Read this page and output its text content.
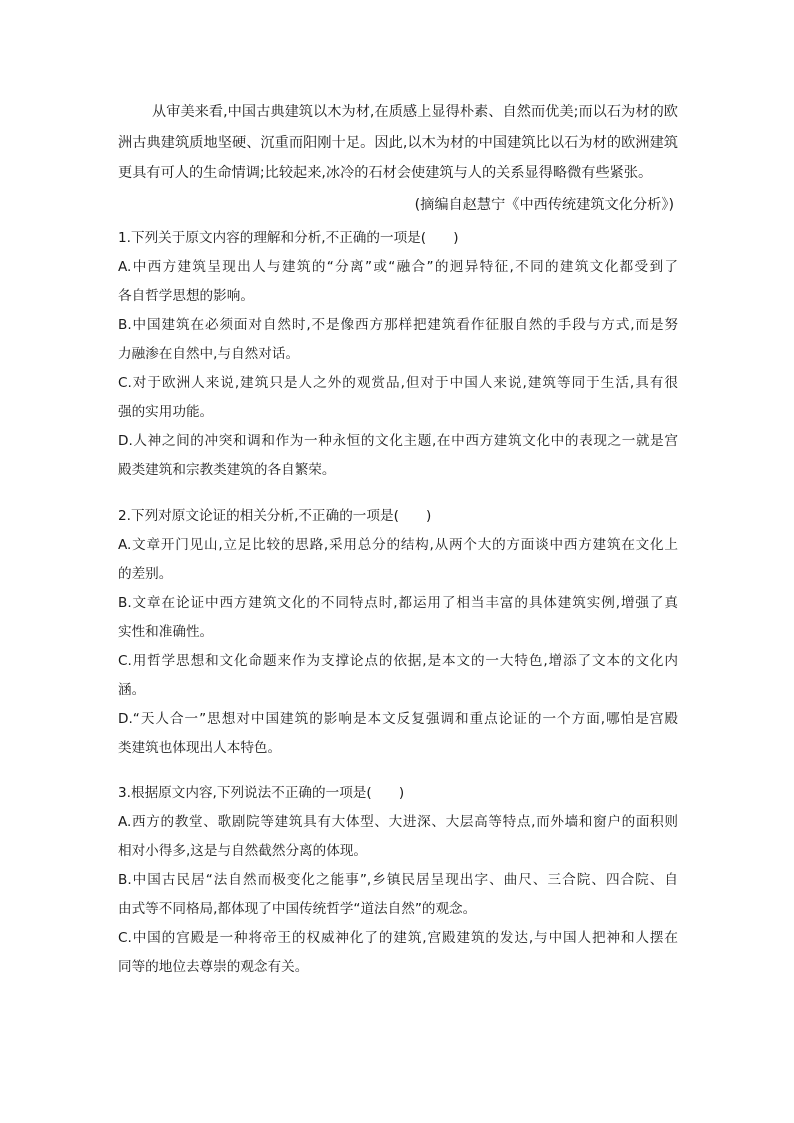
从审美来看,中国古典建筑以木为材,在质感上显得朴素、自然而优美;而以石为材的欧
洲古典建筑质地坚硬、沉重而阳刚十足。因此,以木为材的中国建筑比以石为材的欧洲建筑
更具有可人的生命情调;比较起来,冰冷的石材会使建筑与人的关系显得略微有些紧张。
(摘编自赵慧宁《中西传统建筑文化分析》)
1.下列关于原文内容的理解和分析,不正确的一项是(　　)
A.中西方建筑呈现出人与建筑的“分离”或“融合”的迥异特征,不同的建筑文化都受到了
各自哲学思想的影响。
B.中国建筑在必须面对自然时,不是像西方那样把建筑看作征服自然的手段与方式,而是努
力融渗在自然中,与自然对话。
C.对于欧洲人来说,建筑只是人之外的观赏品,但对于中国人来说,建筑等同于生活,具有很
强的实用功能。
D.人神之间的冲突和调和作为一种永恒的文化主题,在中西方建筑文化中的表现之一就是宫
殿类建筑和宗教类建筑的各自繁荣。
2.下列对原文论证的相关分析,不正确的一项是(　　)
A.文章开门见山,立足比较的思路,采用总分的结构,从两个大的方面谈中西方建筑在文化上
的差别。
B.文章在论证中西方建筑文化的不同特点时,都运用了相当丰富的具体建筑实例,增强了真
实性和准确性。
C.用哲学思想和文化命题来作为支撑论点的依据,是本文的一大特色,增添了文本的文化内
涵。
D.“天人合一”思想对中国建筑的影响是本文反复强调和重点论证的一个方面,哪怕是宫殿
类建筑也体现出人本特色。
3.根据原文内容,下列说法不正确的一项是(　　)
A.西方的教堂、歌剧院等建筑具有大体型、大进深、大层高等特点,而外墙和窗户的面积则
相对小得多,这是与自然截然分离的体现。
B.中国古民居“法自然而极变化之能事”,乡镇民居呈现出字、曲尺、三合院、四合院、自
由式等不同格局,都体现了中国传统哲学“道法自然”的观念。
C.中国的宫殿是一种将帝王的权威神化了的建筑,宫殿建筑的发达,与中国人把神和人摆在
同等的地位去尊崇的观念有关。
